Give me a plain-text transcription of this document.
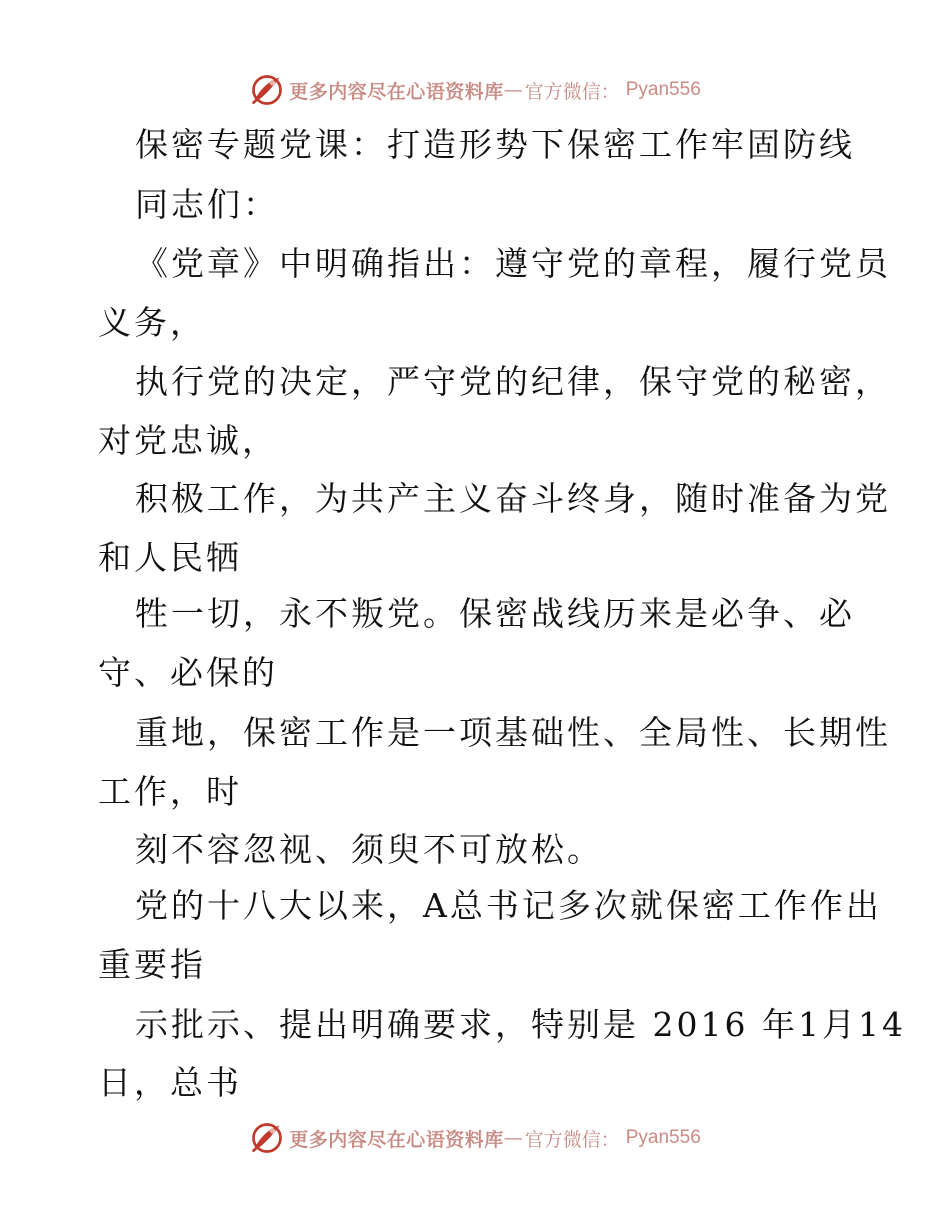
更多内容尽在心语资料库 — 官方微信： Pyan556
保密专题党课：打造形势下保密工作牢固防线
同志们：
《党章》中明确指出：遵守党的章程，履行党员
义务，
执行党的决定，严守党的纪律，保守党的秘密，
对党忠诚，
积极工作，为共产主义奋斗终身，随时准备为党
和人民牺
牲一切，永不叛党。保密战线历来是必争、必
守、必保的
重地，保密工作是一项基础性、全局性、长期性
工作，时
刻不容忽视、须臾不可放松。
党的十八大以来，A总书记多次就保密工作作出
重要指
示批示、提出明确要求，特别是 2016 年1月14
日，总书
更多内容尽在心语资料库 — 官方微信： Pyan556
